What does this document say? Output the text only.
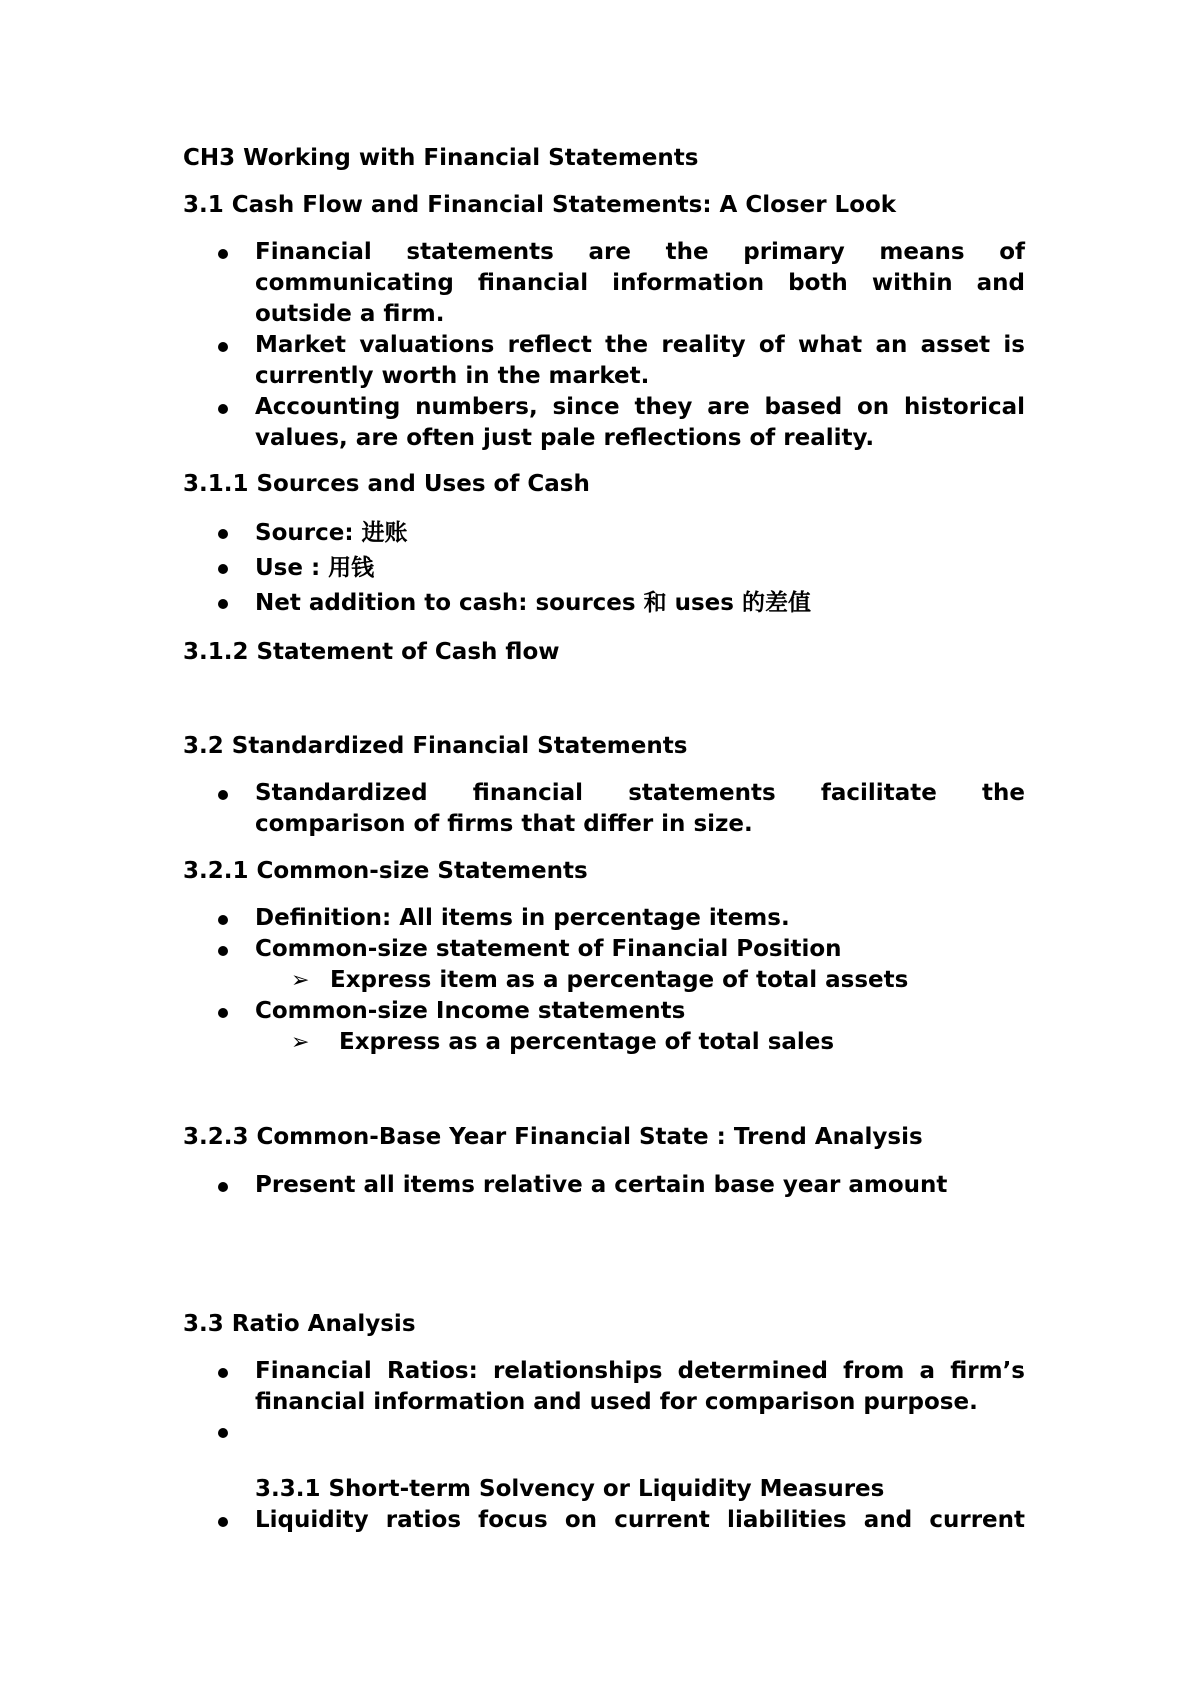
CH3 Working with Financial Statements
3.1 Cash Flow and Financial Statements: A Closer Look
Financial statements are the primary means of
communicating financial information both within and
outside a firm.
Market valuations reflect the reality of what an asset is
currently worth in the market.
Accounting numbers, since they are based on historical
values, are often just pale reflections of reality.
3.1.1 Sources and Uses of Cash
Source: 进账
Use : 用钱
Net addition to cash: sources 和 uses 的差值
3.1.2 Statement of Cash flow
3.2 Standardized Financial Statements
Standardized financial statements facilitate the
comparison of firms that differ in size.
3.2.1 Common-size Statements
Definition: All items in percentage items.
Common-size statement of Financial Position
➢ Express item as a percentage of total assets
Common-size Income statements
➢ Express as a percentage of total sales
3.2.3 Common-Base Year Financial State : Trend Analysis
Present all items relative a certain base year amount
3.3 Ratio Analysis
Financial Ratios: relationships determined from a firm’s
financial information and used for comparison purpose.
3.3.1 Short-term Solvency or Liquidity Measures
Liquidity ratios focus on current liabilities and current
